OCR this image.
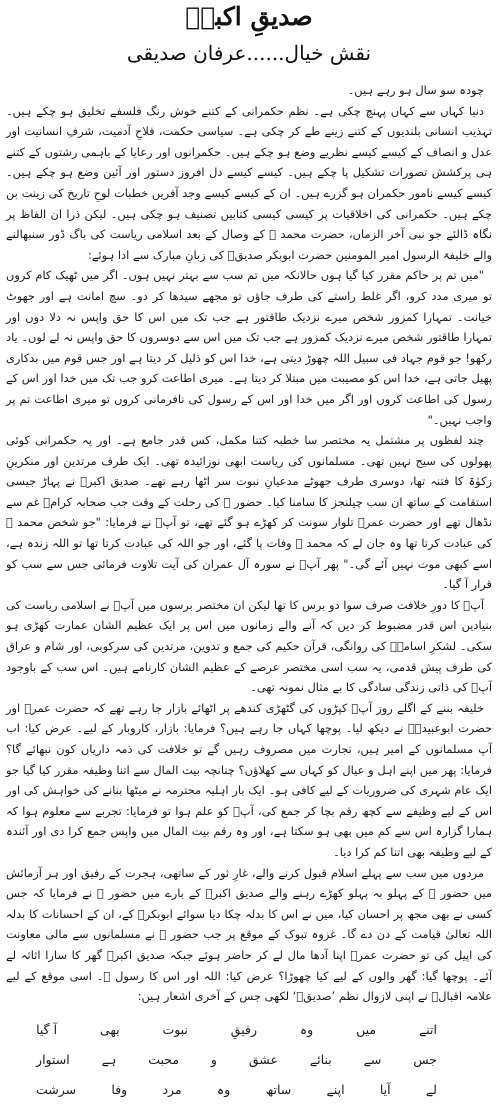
صدیقِ اکبرؓ
نقش خیال......عرفان صدیقی

چودہ سو سال ہو رہے ہیں۔

دنیا کہاں سے کہاں پہنچ چکی ہے۔ نظم حکمرانی کے کتنے خوش رنگ فلسفے تخلیق ہو چکے ہیں۔ تہذیب انسانی بلندیوں کے کتنے زینے طے کر چکی ہے۔ سیاسی حکمت، فلاحِ آدمیت، شرفِ انسانیت اور عدل و انصاف کے کیسے کیسے نظریے وضع ہو چکے ہیں۔ حکمرانوں اور رعایا کے باہمی رشتوں کے کتنے ہی پرکشش تصورات تشکیل پا چکے ہیں۔ کیسے کیسے دل افروز دستور اور آئین وضع ہو چکے ہیں۔ کیسے کیسے نامور حکمران ہو گزرے ہیں۔ ان کے کیسے کیسے وجد آفریں خطبات لوحِ تاریخ کی زینت بن چکے ہیں۔ حکمرانی کی اخلاقیات پر کیسی کیسی کتابیں تصنیف ہو چکی ہیں۔ لیکن ذرا ان الفاظ پر نگاہ ڈالئے جو نبی آخر الزماں، حضرت محمد ﷺ کے وصال کے بعد اسلامی ریاست کی باگ ڈور سنبھالنے والے خلیفۃ الرسول امیر المومنین حضرت ابوبکر صدیقؓ کی زبانِ مبارک سے ادا ہوئے:

"میں تم پر حاکم مقرر کیا گیا ہوں حالانکہ میں تم سب سے بہتر نہیں ہوں۔ اگر میں ٹھیک کام کروں تو میری مدد کرو، اگر غلط راستے کی طرف جاؤں تو مجھے سیدھا کر دو۔ سچ امانت ہے اور جھوٹ خیانت۔ تمہارا کمزور شخص میرے نزدیک طاقتور ہے جب تک میں اس کا حق واپس نہ دلا دوں اور تمہارا طاقتور شخص میرے نزدیک کمزور ہے جب تک میں اس سے دوسروں کا حق واپس نہ لے لوں۔ یاد رکھو! جو قوم جہاد فی سبیل اللہ چھوڑ دیتی ہے، خدا اس کو ذلیل کر دیتا ہے اور جس قوم میں بدکاری پھیل جاتی ہے، خدا اس کو مصیبت میں مبتلا کر دیتا ہے۔ میری اطاعت کرو جب تک میں خدا اور اس کے رسول کی اطاعت کروں اور اگر میں خدا اور اس کے رسول کی نافرمانی کروں تو میری اطاعت تم پر واجب نہیں۔"

چند لفظوں پر مشتمل یہ مختصر سا خطبہ کتنا مکمل، کس قدر جامع ہے۔ اور یہ حکمرانی کوئی پھولوں کی سیج نہیں تھی۔ مسلمانوں کی ریاست ابھی نوزائیدہ تھی۔ ایک طرف مرتدین اور منکرینِ زکوٰۃ کا فتنہ تھا، دوسری طرف جھوٹے مدعیانِ نبوت سر اٹھا رہے تھے۔ صدیق اکبرؓ نے پہاڑ جیسی استقامت کے ساتھ ان سب چیلنجز کا سامنا کیا۔ حضور ﷺ کی رحلت کے وقت جب صحابہ کرامؓ غم سے نڈھال تھے اور حضرت عمرؓ تلوار سونت کر کھڑے ہو گئے تھے، تو آپؓ نے فرمایا: "جو شخص محمد ﷺ کی عبادت کرتا تھا وہ جان لے کہ محمد ﷺ وفات پا گئے، اور جو اللہ کی عبادت کرتا تھا تو اللہ زندہ ہے، اسے کبھی موت نہیں آئے گی۔" پھر آپؓ نے سورہ آل عمران کی آیت تلاوت فرمائی جس سے سب کو قرار آ گیا۔

آپؓ کا دورِ خلافت صرف سوا دو برس کا تھا لیکن ان مختصر برسوں میں آپؓ نے اسلامی ریاست کی بنیادیں اس قدر مضبوط کر دیں کہ آنے والے زمانوں میں اس پر ایک عظیم الشان عمارت کھڑی ہو سکی۔ لشکرِ اسامہؓ کی روانگی، قرآن حکیم کی جمع و تدوین، مرتدین کی سرکوبی، اور شام و عراق کی طرف پیش قدمی، یہ سب اسی مختصر عرصے کے عظیم الشان کارنامے ہیں۔ اس سب کے باوجود آپؓ کی ذاتی زندگی سادگی کا بے مثال نمونہ تھی۔

خلیفہ بننے کے اگلے روز آپؓ کپڑوں کی گٹھڑی کندھے پر اٹھائے بازار جا رہے تھے کہ حضرت عمرؓ اور حضرت ابوعبیدہؓ نے دیکھ لیا۔ پوچھا کہاں جا رہے ہیں؟ فرمایا: بازار، کاروبار کے لیے۔ عرض کیا: اب آپ مسلمانوں کے امیر ہیں، تجارت میں مصروف رہیں گے تو خلافت کی ذمہ داریاں کون نبھائے گا؟ فرمایا: پھر میں اپنے اہل و عیال کو کہاں سے کھلاؤں؟ چنانچہ بیت المال سے اتنا وظیفہ مقرر کیا گیا جو ایک عام شہری کی ضروریات کے لیے کافی ہو۔ ایک بار اہلیہ محترمہ نے میٹھا بنانے کی خواہش کی اور اس کے لیے وظیفے سے کچھ رقم بچا کر جمع کی، آپؓ کو علم ہوا تو فرمایا: تجربے سے معلوم ہوا کہ ہمارا گزارہ اس سے کم میں بھی ہو سکتا ہے، اور وہ رقم بیت المال میں واپس جمع کرا دی اور آئندہ کے لیے وظیفہ بھی اتنا کم کرا دیا۔

مردوں میں سب سے پہلے اسلام قبول کرنے والے، غارِ ثور کے ساتھی، ہجرت کے رفیق اور ہر آزمائش میں حضور ﷺ کے پہلو بہ پہلو کھڑے رہنے والے صدیق اکبرؓ کے بارے میں حضور ﷺ نے فرمایا کہ جس کسی نے بھی مجھ پر احسان کیا، میں نے اس کا بدلہ چکا دیا سوائے ابوبکرؓ کے، ان کے احسانات کا بدلہ اللہ تعالیٰ قیامت کے دن دے گا۔ غزوہ تبوک کے موقع پر جب حضور ﷺ نے مسلمانوں سے مالی معاونت کی اپیل کی تو حضرت عمرؓ اپنا آدھا مال لے کر حاضر ہوئے جبکہ صدیق اکبرؓ گھر کا سارا اثاثہ لے آئے۔ پوچھا گیا: گھر والوں کے لیے کیا چھوڑا؟ عرض کیا: اللہ اور اس کا رسول ﷺ۔ اسی موقع کے لیے علامہ اقبالؒ نے اپنی لازوال نظم ’صدیقؓ‘ لکھی جس کے آخری اشعار ہیں:

اتنے
میں
وہ
رفیقِ
نبوت
بھی
آ گیا
جس
سے
بنائے
عشق
و
محبت
ہے
استوار
لے
آیا
اپنے
ساتھ
وہ
مرد
وفا
سرشت
